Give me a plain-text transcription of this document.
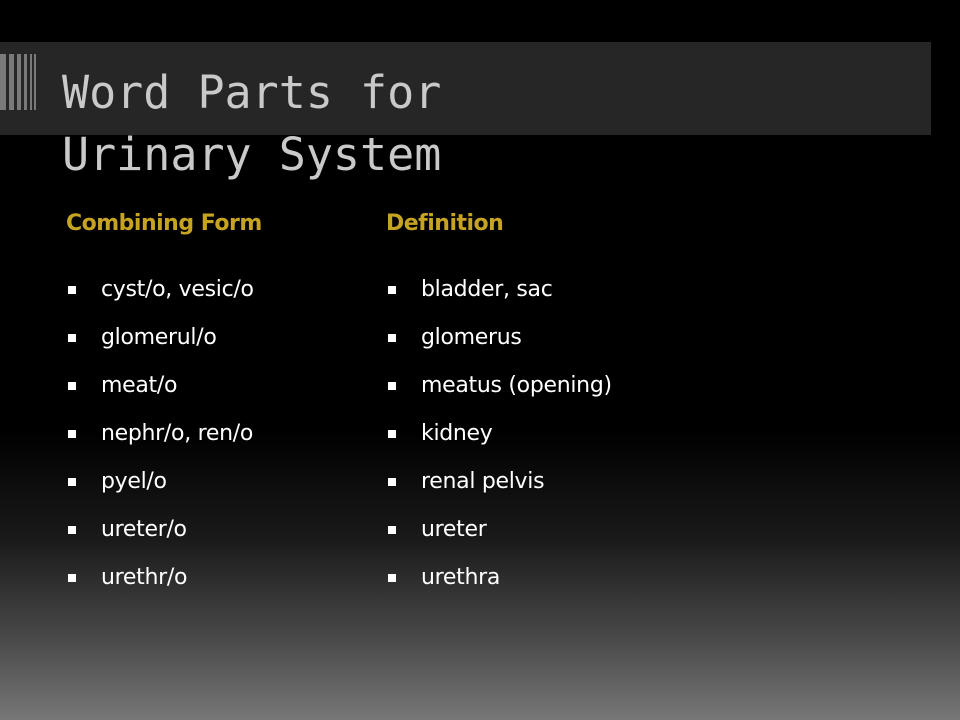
Word Parts for
Urinary System
Combining Form
cyst/o, vesic/o
glomerul/o
meat/o
nephr/o, ren/o
pyel/o
ureter/o
urethr/o
Definition
bladder, sac
glomerus
meatus (opening)
kidney
renal pelvis
ureter
urethra
